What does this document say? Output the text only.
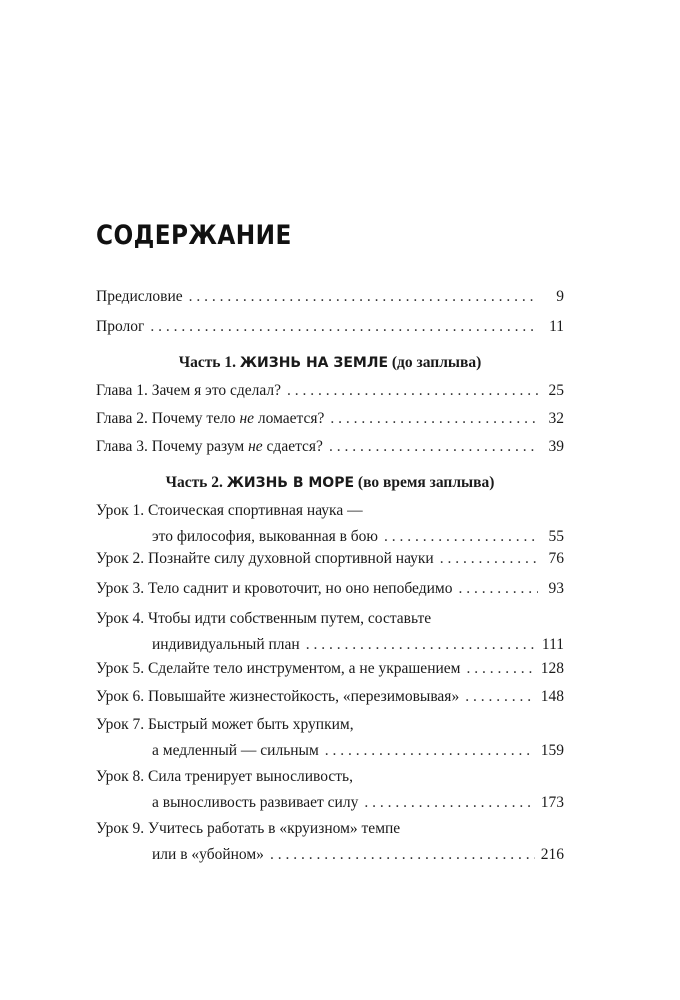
СОДЕРЖАНИЕ
Предисловие . . .	9
Пролог . . .	11
Часть 1. ЖИЗНЬ НА ЗЕМЛЕ (до заплыва)
Глава 1. Зачем я это сделал? . . .	25
Глава 2. Почему тело не ломается? . . .	32
Глава 3. Почему разум не сдается? . . .	39
Часть 2. ЖИЗНЬ В МОРЕ (во время заплыва)
Урок 1. Стоическая спортивная наука —
это философия, выкованная в бою . . .	55
Урок 2. Познайте силу духовной спортивной науки . . .	76
Урок 3. Тело саднит и кровоточит, но оно непобедимо . . .	93
Урок 4. Чтобы идти собственным путем, составьте
индивидуальный план . . .	111
Урок 5. Сделайте тело инструментом, а не украшением . . .	128
Урок 6. Повышайте жизнестойкость, «перезимовывая» . . .	148
Урок 7. Быстрый может быть хрупким,
а медленный — сильным . . .	159
Урок 8. Сила тренирует выносливость,
а выносливость развивает силу . . .	173
Урок 9. Учитесь работать в «круизном» темпе
или в «убойном» . . .	216
